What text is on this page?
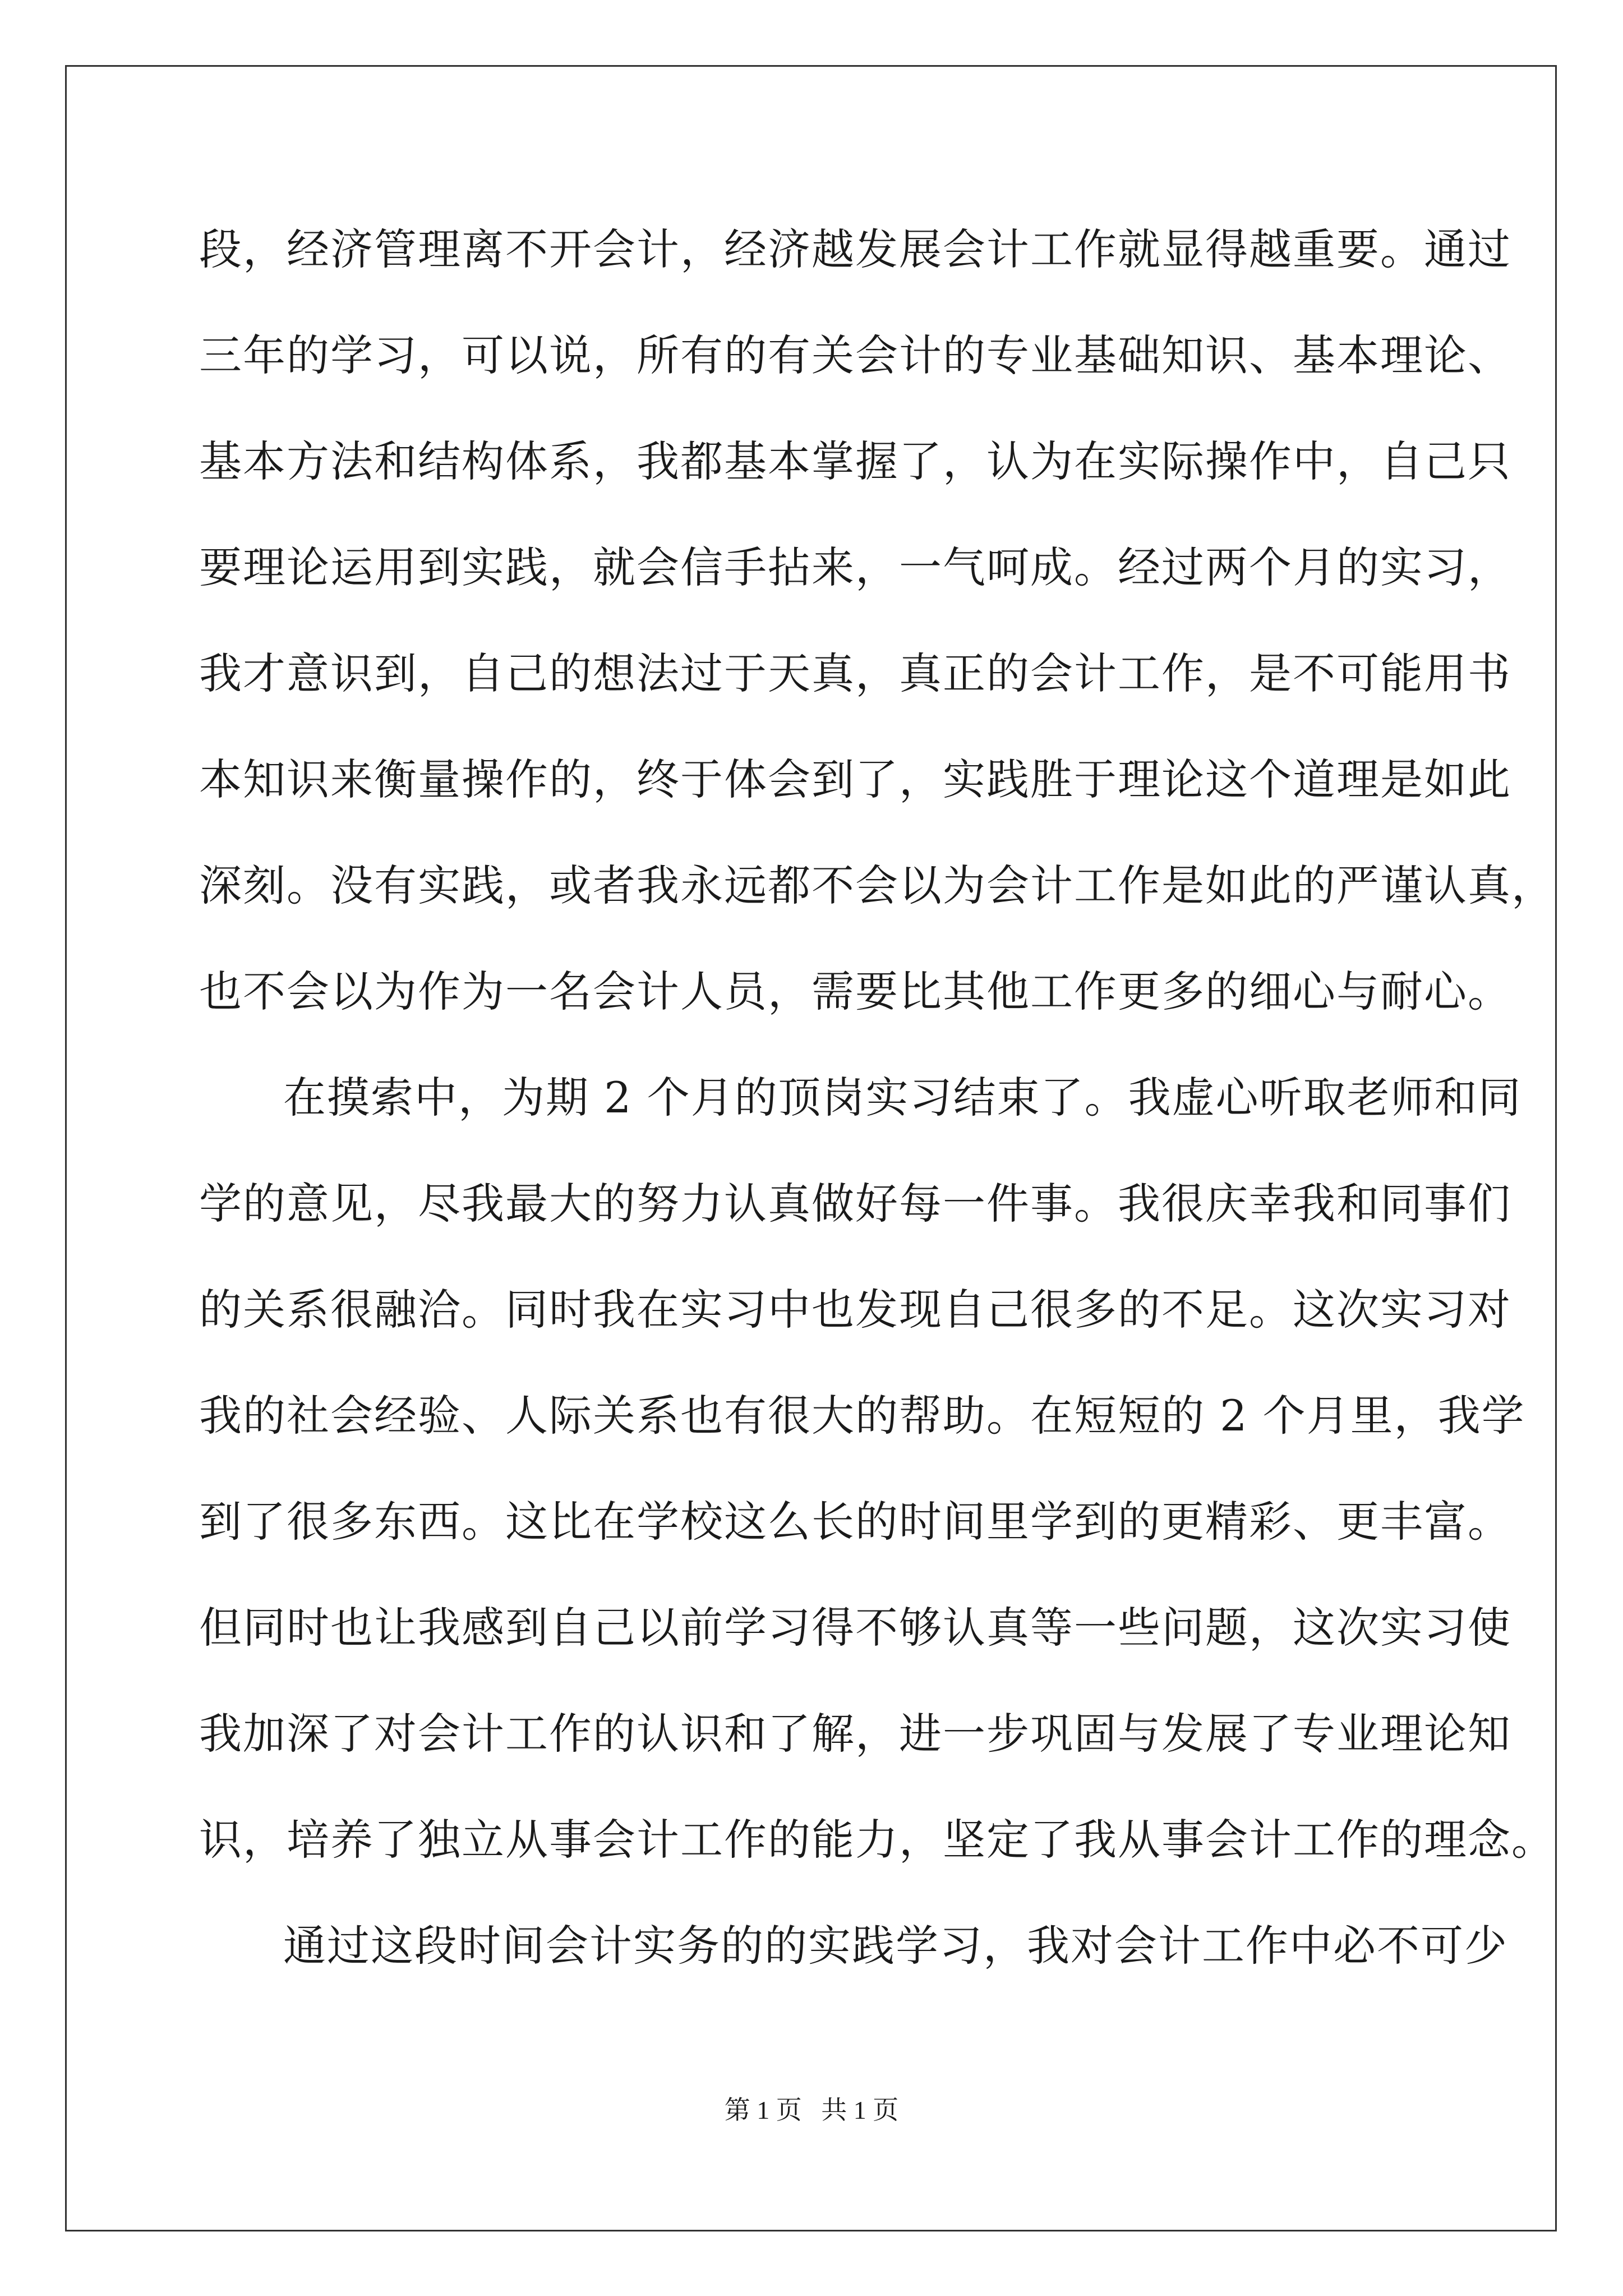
段，经济管理离不开会计，经济越发展会计工作就显得越重要。通过
三年的学习，可以说，所有的有关会计的专业基础知识、基本理论、
基本方法和结构体系，我都基本掌握了，认为在实际操作中，自己只
要理论运用到实践，就会信手拈来，一气呵成。经过两个月的实习，
我才意识到，自己的想法过于天真，真正的会计工作，是不可能用书
本知识来衡量操作的，终于体会到了，实践胜于理论这个道理是如此
深刻。没有实践，或者我永远都不会以为会计工作是如此的严谨认真，
也不会以为作为一名会计人员，需要比其他工作更多的细心与耐心。
在摸索中，为期 2 个月的顶岗实习结束了。我虚心听取老师和同
学的意见，尽我最大的努力认真做好每一件事。我很庆幸我和同事们
的关系很融洽。同时我在实习中也发现自己很多的不足。这次实习对
我的社会经验、人际关系也有很大的帮助。在短短的 2 个月里，我学
到了很多东西。这比在学校这么长的时间里学到的更精彩、更丰富。
但同时也让我感到自己以前学习得不够认真等一些问题，这次实习使
我加深了对会计工作的认识和了解，进一步巩固与发展了专业理论知
识，培养了独立从事会计工作的能力，坚定了我从事会计工作的理念。
通过这段时间会计实务的的实践学习，我对会计工作中必不可少
第 1 页   共 1 页
